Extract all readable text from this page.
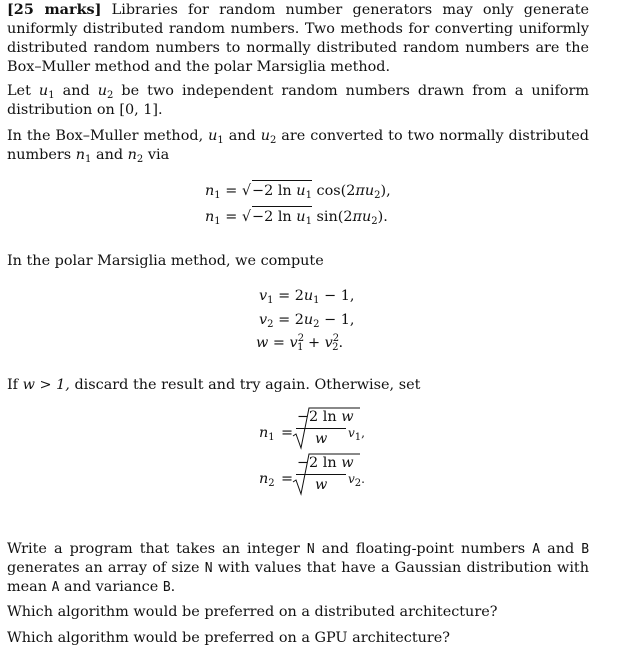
[25 marks] Libraries for random number generators may only generate uniformly distributed random numbers. Two methods for converting uniformly distributed random numbers to normally distributed random numbers are the Box–Muller method and the polar Marsiglia method.

Let $u_1$ and $u_2$ be two independent random numbers drawn from a uniform distribution on [0, 1].

In the Box–Muller method, $u_1$ and $u_2$ are converted to two normally distributed numbers $n_1$ and $n_2$ via

$n_1 = √-2$ $\ln u_1$ $\cos(2\pi u_2)$,
$n_1 = √-2$ $\ln u_1$ $\sin(2\pi u_2)$.

In the polar Marsiglia method, we compute

$v_1 = 2u_1 - 1$,
$v_2 = 2u_2 - 1$,
$w = v^2_1 + v^2_2$.

If w > 1, discard the result and try again. Otherwise, set

$n_1$ =
−2 ln w
w $v_1$,
$n_2$ =
−2 ln w
w $v_2$.

Write a program that takes an integer N and floating-point numbers A and B generates an array of size N with values that have a Gaussian distribution with mean A and variance B.

Which algorithm would be preferred on a distributed architecture?

Which algorithm would be preferred on a GPU architecture?
